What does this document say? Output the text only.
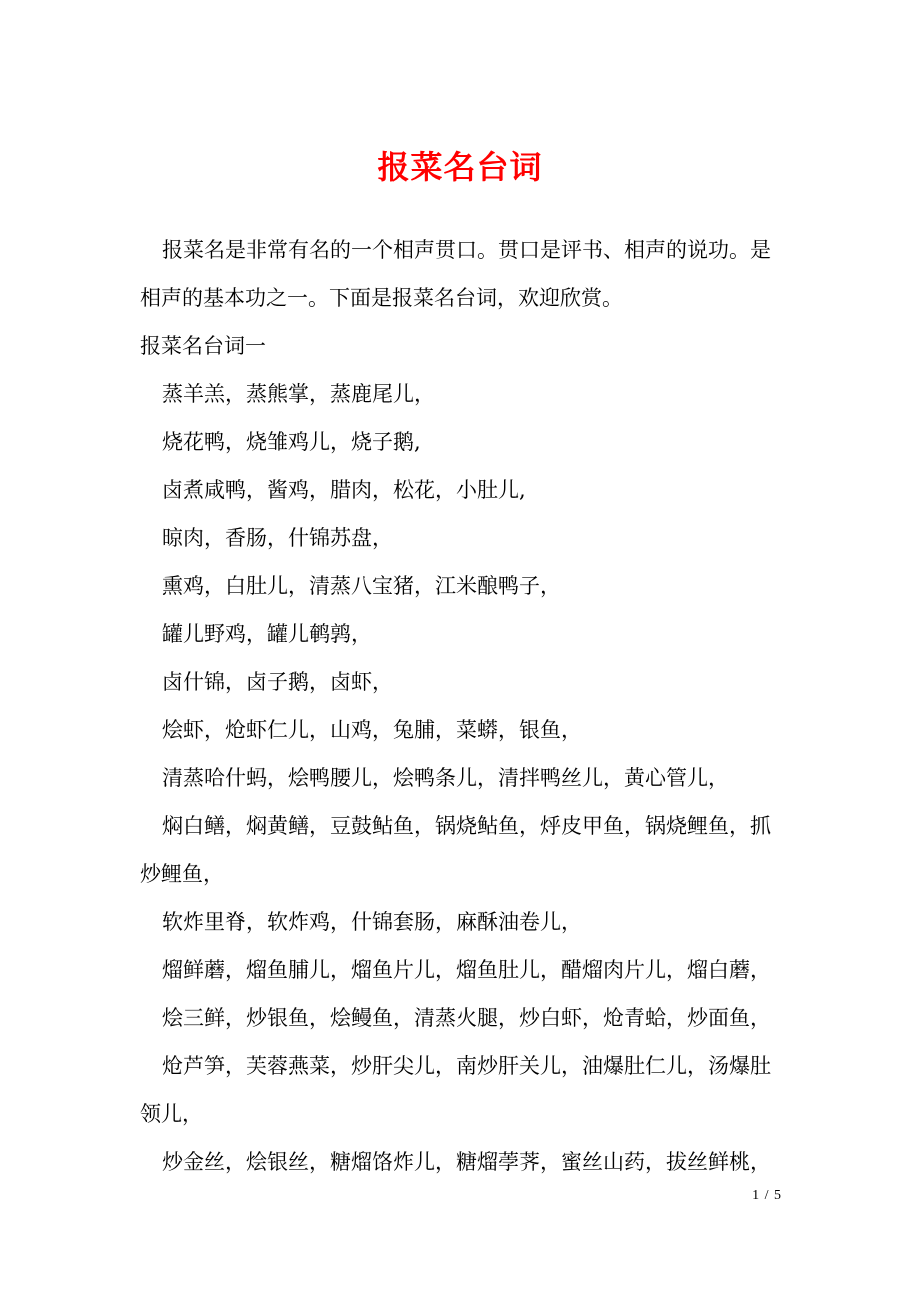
报菜名台词

报菜名是非常有名的一个相声贯口。贯口是评书、相声的说功。是相声的基本功之一。下面是报菜名台词，欢迎欣赏。

报菜名台词一

蒸羊羔，蒸熊掌，蒸鹿尾儿，

烧花鸭，烧雏鸡儿，烧子鹅,

卤煮咸鸭，酱鸡，腊肉，松花，小肚儿,

晾肉，香肠，什锦苏盘，

熏鸡，白肚儿，清蒸八宝猪，江米酿鸭子，

罐儿野鸡，罐儿鹌鹑，

卤什锦，卤子鹅，卤虾，

烩虾，炝虾仁儿，山鸡，兔脯，菜蟒，银鱼，

清蒸哈什蚂，烩鸭腰儿，烩鸭条儿，清拌鸭丝儿，黄心管儿，

焖白鳝，焖黄鳝，豆鼓鲇鱼，锅烧鲇鱼，烀皮甲鱼，锅烧鲤鱼，抓炒鲤鱼，

软炸里脊，软炸鸡，什锦套肠，麻酥油卷儿，

熘鲜蘑，熘鱼脯儿，熘鱼片儿，熘鱼肚儿，醋熘肉片儿，熘白蘑，

烩三鲜，炒银鱼，烩鳗鱼，清蒸火腿，炒白虾，炝青蛤，炒面鱼，

炝芦笋，芙蓉燕菜，炒肝尖儿，南炒肝关儿，油爆肚仁儿，汤爆肚领儿，

炒金丝，烩银丝，糖熘饹炸儿，糖熘荸荠，蜜丝山药，拔丝鲜桃，

1 / 5
